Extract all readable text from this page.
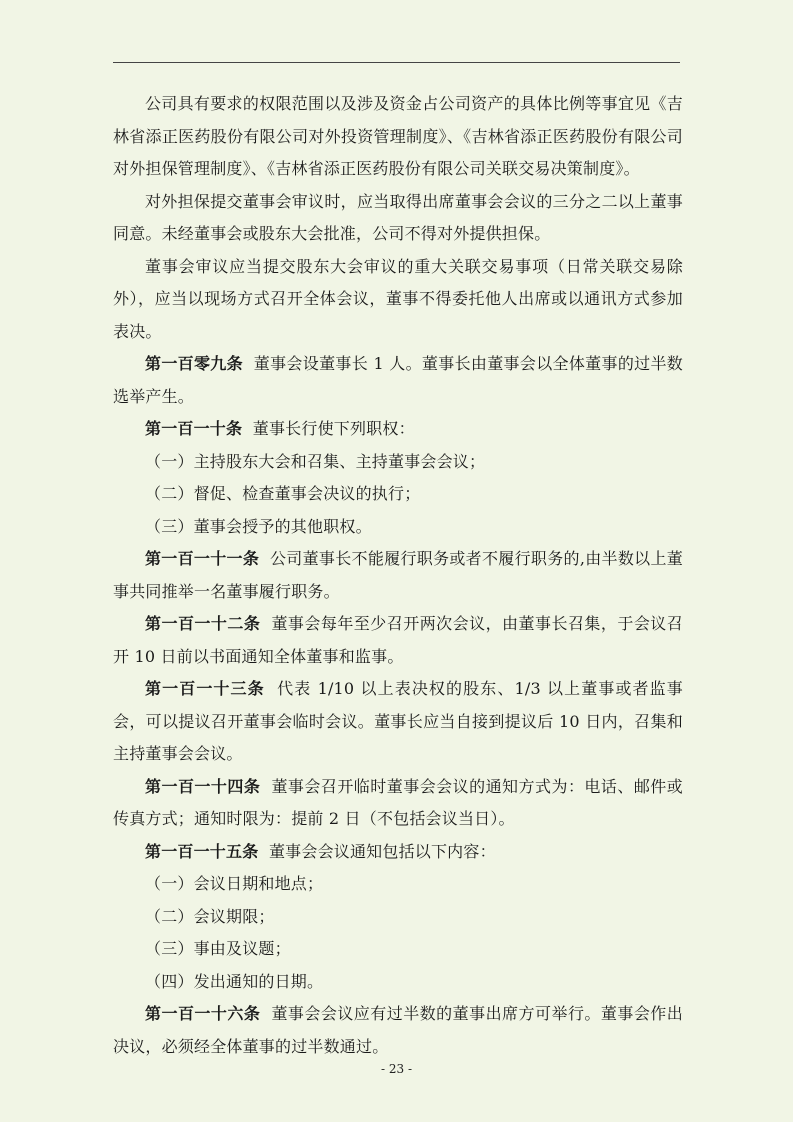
公司具有要求的权限范围以及涉及资金占公司资产的具体比例等事宜见《吉林省添正医药股份有限公司对外投资管理制度》、《吉林省添正医药股份有限公司对外担保管理制度》、《吉林省添正医药股份有限公司关联交易决策制度》。

对外担保提交董事会审议时，应当取得出席董事会会议的三分之二以上董事同意。未经董事会或股东大会批准，公司不得对外提供担保。

董事会审议应当提交股东大会审议的重大关联交易事项（日常关联交易除外），应当以现场方式召开全体会议，董事不得委托他人出席或以通讯方式参加表决。

第一百零九条 董事会设董事长 1 人。董事长由董事会以全体董事的过半数选举产生。

第一百一十条 董事长行使下列职权：

（一）主持股东大会和召集、主持董事会会议；

（二）督促、检查董事会决议的执行；

（三）董事会授予的其他职权。

第一百一十一条 公司董事长不能履行职务或者不履行职务的,由半数以上董事共同推举一名董事履行职务。

第一百一十二条 董事会每年至少召开两次会议，由董事长召集，于会议召开 10 日前以书面通知全体董事和监事。

第一百一十三条 代表 1/10 以上表决权的股东、1/3 以上董事或者监事会，可以提议召开董事会临时会议。董事长应当自接到提议后 10 日内，召集和主持董事会会议。

第一百一十四条 董事会召开临时董事会会议的通知方式为：电话、邮件或传真方式；通知时限为：提前 2 日（不包括会议当日）。

第一百一十五条 董事会会议通知包括以下内容：

（一）会议日期和地点；

（二）会议期限；

（三）事由及议题；

（四）发出通知的日期。

第一百一十六条 董事会会议应有过半数的董事出席方可举行。董事会作出决议，必须经全体董事的过半数通过。

- 23 -
